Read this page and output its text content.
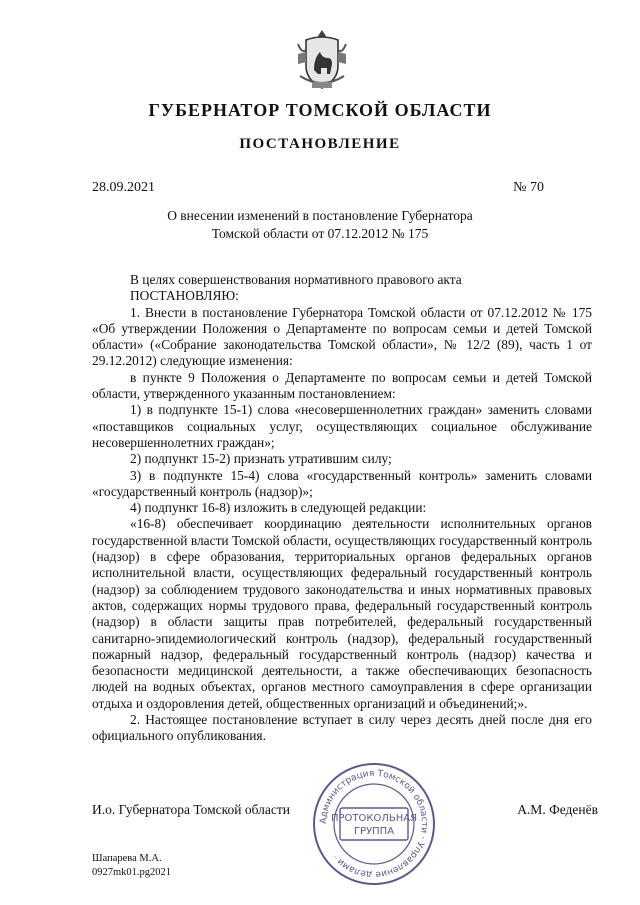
ГУБЕРНАТОР ТОМСКОЙ ОБЛАСТИ
ПОСТАНОВЛЕНИЕ
28.09.2021	№ 70
О внесении изменений в постановление Губернатора
Томской области от 07.12.2012 № 175

В целях совершенствования нормативного правового акта

ПОСТАНОВЛЯЮ:

1. Внести в постановление Губернатора Томской области от 07.12.2012 № 175 «Об утверждении Положения о Департаменте по вопросам семьи и детей Томской области» («Собрание законодательства Томской области», № 12/2 (89), часть 1 от 29.12.2012) следующие изменения:

в пункте 9 Положения о Департаменте по вопросам семьи и детей Томской области, утвержденного указанным постановлением:

1) в подпункте 15-1) слова «несовершеннолетних граждан» заменить словами «поставщиков социальных услуг, осуществляющих социальное обслуживание несовершеннолетних граждан»;

2) подпункт 15-2) признать утратившим силу;

3) в подпункте 15-4) слова «государственный контроль» заменить словами «государственный контроль (надзор)»;

4) подпункт 16-8) изложить в следующей редакции:

«16-8) обеспечивает координацию деятельности исполнительных органов государственной власти Томской области, осуществляющих государственный контроль (надзор) в сфере образования, территориальных органов федеральных органов исполнительной власти, осуществляющих федеральный государственный контроль (надзор) за соблюдением трудового законодательства и иных нормативных правовых актов, содержащих нормы трудового права, федеральный государственный контроль (надзор) в области защиты прав потребителей, федеральный государственный санитарно-эпидемиологический контроль (надзор), федеральный государственный пожарный надзор, федеральный государственный контроль (надзор) качества и безопасности медицинской деятельности, а также обеспечивающих безопасность людей на водных объектах, органов местного самоуправления в сфере организации отдыха и оздоровления детей, общественных организаций и объединений;».

2. Настоящее постановление вступает в силу через десять дней после дня его официального опубликования.

И.о. Губернатора Томской области	А.М. Феденёв
Администрация Томской области · Управление делами ·
ПРОТОКОЛЬНАЯ
ГРУППА
Шапарева М.А.
0927mk01.pg2021
